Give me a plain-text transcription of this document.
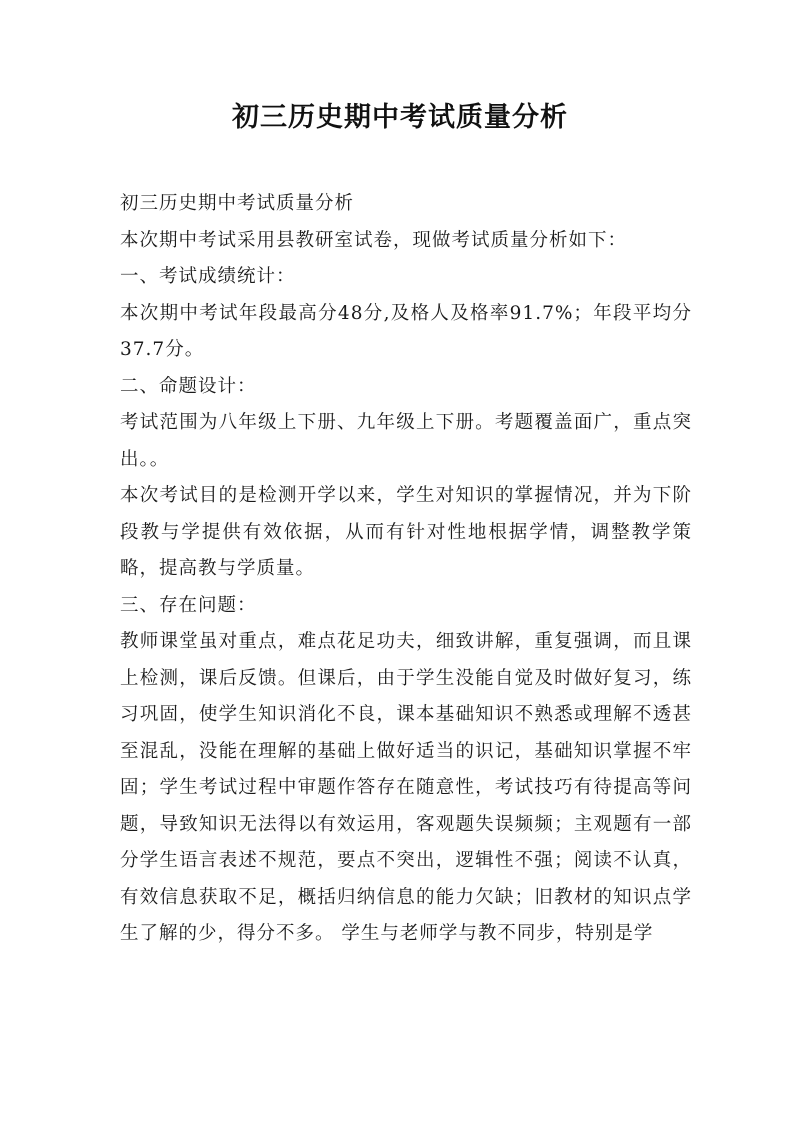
初三历史期中考试质量分析

初三历史期中考试质量分析

本次期中考试采用县教研室试卷，现做考试质量分析如下：

一、考试成绩统计：

本次期中考试年段最高分48分,及格人及格率91.7%；年段平均分37.7分。

二、命题设计：

考试范围为八年级上下册、九年级上下册。考题覆盖面广，重点突出。。

本次考试目的是检测开学以来，学生对知识的掌握情况，并为下阶段教与学提供有效依据，从而有针对性地根据学情，调整教学策略，提高教与学质量。

三、存在问题：

教师课堂虽对重点，难点花足功夫，细致讲解，重复强调，而且课上检测，课后反馈。但课后，由于学生没能自觉及时做好复习，练习巩固，使学生知识消化不良，课本基础知识不熟悉或理解不透甚至混乱，没能在理解的基础上做好适当的识记，基础知识掌握不牢固；学生考试过程中审题作答存在随意性，考试技巧有待提高等问题，导致知识无法得以有效运用，客观题失误频频；主观题有一部分学生语言表述不规范，要点不突出，逻辑性不强；阅读不认真，有效信息获取不足，概括归纳信息的能力欠缺；旧教材的知识点学生了解的少，得分不多。 学生与老师学与教不同步，特别是学
